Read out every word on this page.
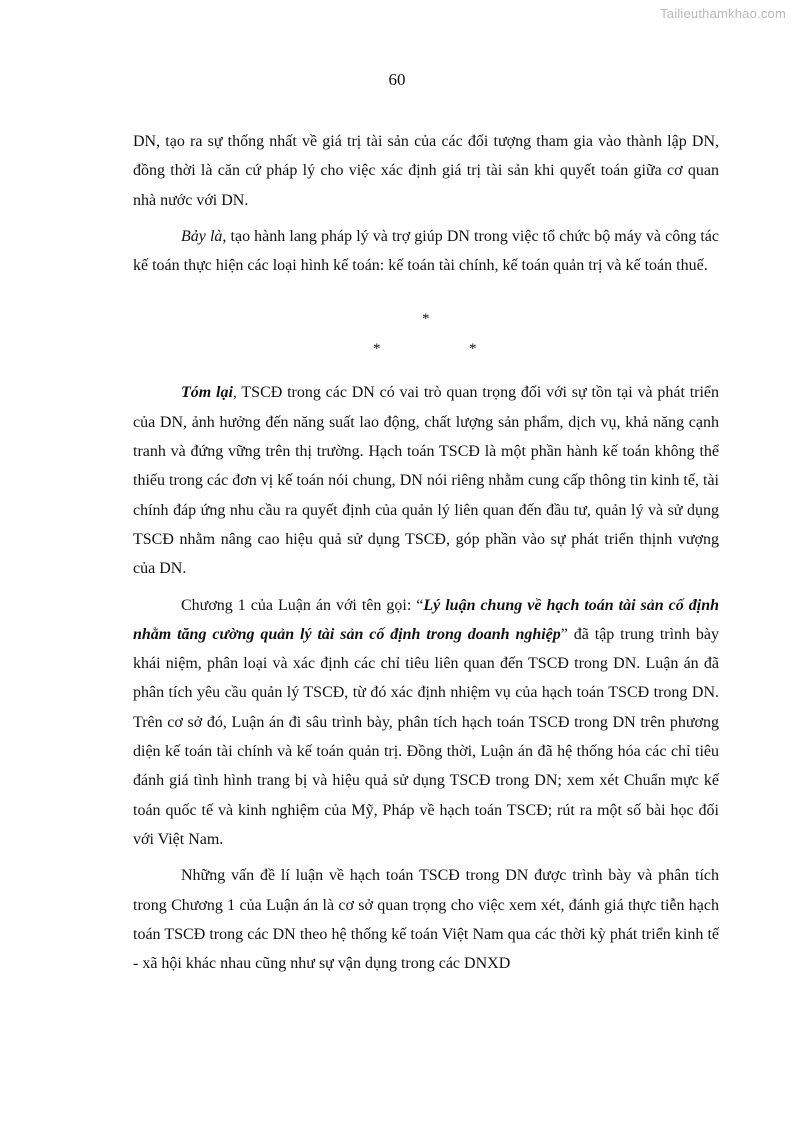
Tailieuthamkhao.com
60

DN, tạo ra sự thống nhất về giá trị tài sản của các đối tượng tham gia vào thành lập DN, đồng thời là căn cứ pháp lý cho việc xác định giá trị tài sản khi quyết toán giữa cơ quan nhà nước với DN.

Bảy là, tạo hành lang pháp lý và trợ giúp DN trong việc tổ chức bộ máy và công tác kế toán thực hiện các loại hình kế toán: kế toán tài chính, kế toán quản trị và kế toán thuế.

*
*	*

Tóm lại, TSCĐ trong các DN có vai trò quan trọng đối với sự tồn tại và phát triển của DN, ảnh hưởng đến năng suất lao động, chất lượng sản phẩm, dịch vụ, khả năng cạnh tranh và đứng vững trên thị trường. Hạch toán TSCĐ là một phần hành kế toán không thể thiếu trong các đơn vị kế toán nói chung, DN nói riêng nhằm cung cấp thông tin kinh tế, tài chính đáp ứng nhu cầu ra quyết định của quản lý liên quan đến đầu tư, quản lý và sử dụng TSCĐ nhằm nâng cao hiệu quả sử dụng TSCĐ, góp phần vào sự phát triển thịnh vượng của DN.

Chương 1 của Luận án với tên gọi: “Lý luận chung về hạch toán tài sản cố định nhằm tăng cường quản lý tài sản cố định trong doanh nghiệp” đã tập trung trình bày khái niệm, phân loại và xác định các chỉ tiêu liên quan đến TSCĐ trong DN. Luận án đã phân tích yêu cầu quản lý TSCĐ, từ đó xác định nhiệm vụ của hạch toán TSCĐ trong DN. Trên cơ sở đó, Luận án đi sâu trình bày, phân tích hạch toán TSCĐ trong DN trên phương diện kế toán tài chính và kế toán quản trị. Đồng thời, Luận án đã hệ thống hóa các chỉ tiêu đánh giá tình hình trang bị và hiệu quả sử dụng TSCĐ trong DN; xem xét Chuẩn mực kế toán quốc tế và kinh nghiệm của Mỹ, Pháp về hạch toán TSCĐ; rút ra một số bài học đối với Việt Nam.

Những vấn đề lí luận về hạch toán TSCĐ trong DN được trình bày và phân tích trong Chương 1 của Luận án là cơ sở quan trọng cho việc xem xét, đánh giá thực tiễn hạch toán TSCĐ trong các DN theo hệ thống kế toán Việt Nam qua các thời kỳ phát triển kinh tế - xã hội khác nhau cũng như sự vận dụng trong các DNXD
